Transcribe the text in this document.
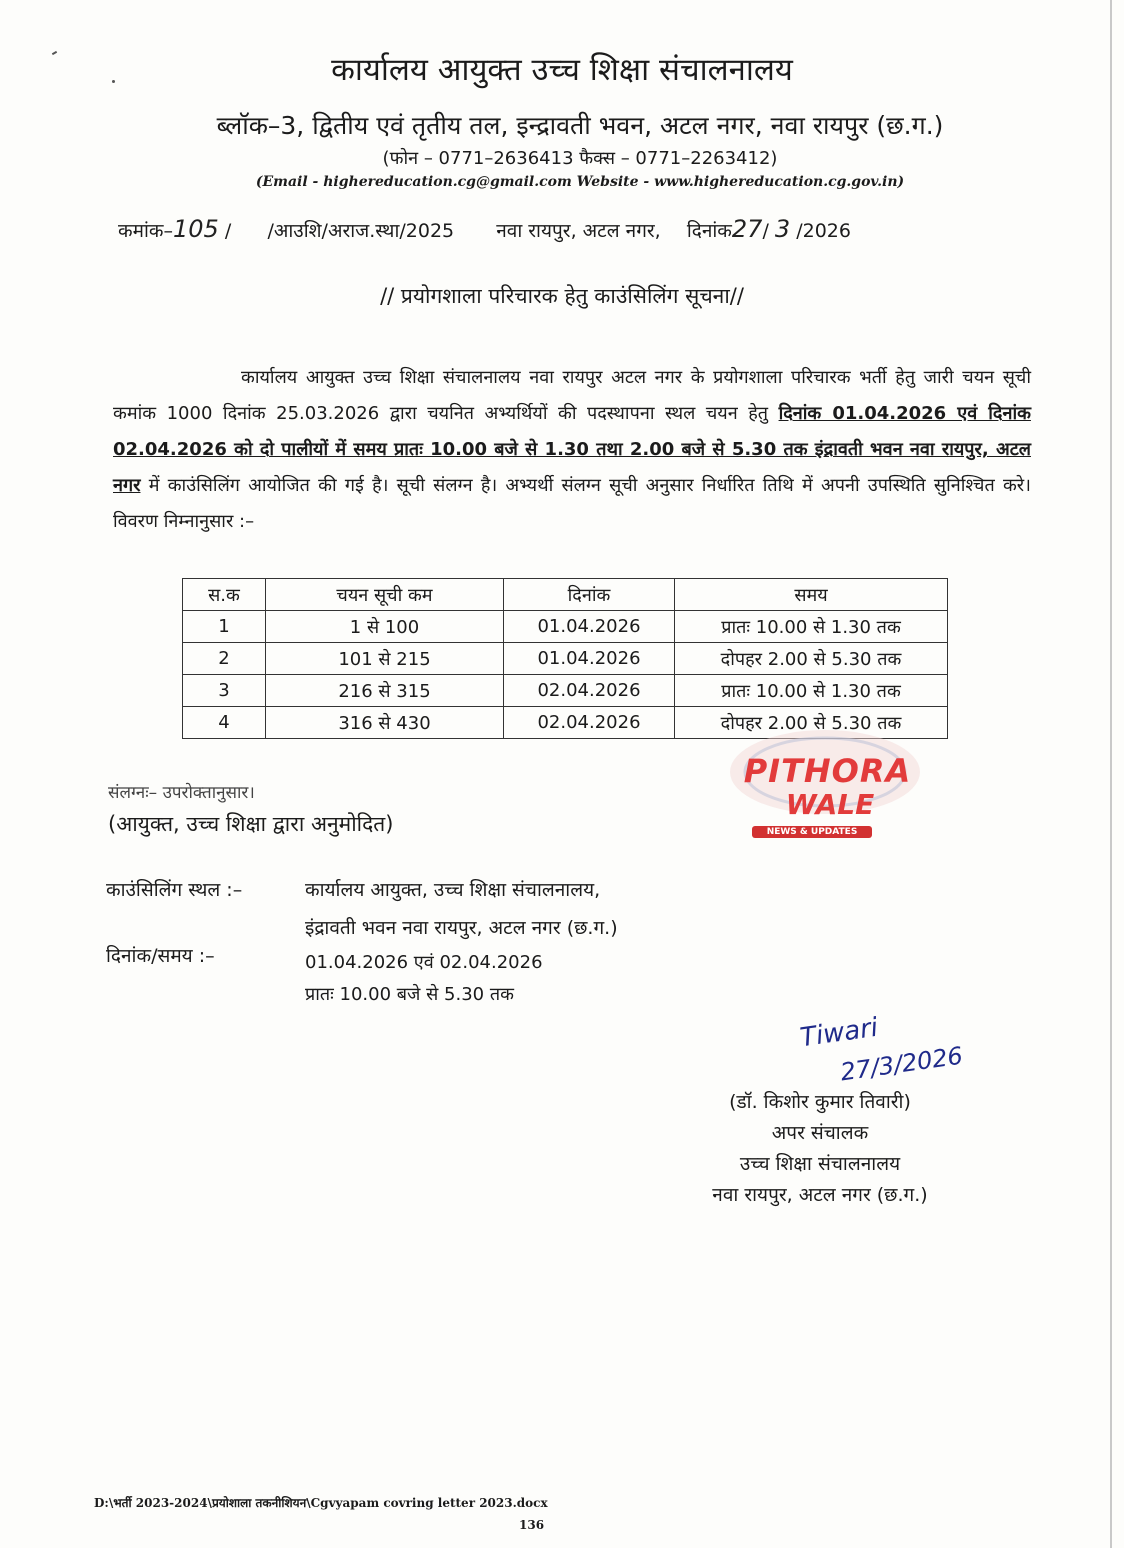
कार्यालय आयुक्त उच्च शिक्षा संचालनालय
ब्लॉक–3, द्वितीय एवं तृतीय तल, इन्द्रावती भवन, अटल नगर, नवा रायपुर (छ.ग.)
(फोन – 0771–2636413 फैक्स – 0771–2263412)
(Email - highereducation.cg@gmail.com Website - www.highereducation.cg.gov.in)
कमांक–105 /      /आउशि/अराज.स्था/2025 नवा रायपुर, अटल नगर, दिनांक27/ 3 /2026
// प्रयोगशाला परिचारक हेतु काउंसिलिंग सूचना//
कार्यालय आयुक्त उच्च शिक्षा संचालनालय नवा रायपुर अटल नगर के प्रयोगशाला परिचारक भर्ती हेतु जारी चयन सूची कमांक 1000 दिनांक 25.03.2026 द्वारा चयनित अभ्यर्थियों की पदस्थापना स्थल चयन हेतु दिनांक 01.04.2026 एवं दिनांक 02.04.2026 को दो पालीयों में समय प्रातः 10.00 बजे से 1.30 तथा 2.00 बजे से 5.30 तक इंद्रावती भवन नवा रायपुर, अटल नगर में काउंसिलिंग आयोजित की गई है। सूची संलग्न है। अभ्यर्थी संलग्न सूची अनुसार निर्धारित तिथि में अपनी उपस्थिति सुनिश्चित करे। विवरण निम्नानुसार :–
स.क	चयन सूची कम	दिनांक	समय
1	1 से 100	01.04.2026	प्रातः 10.00 से 1.30 तक
2	101 से 215	01.04.2026	दोपहर 2.00 से 5.30 तक
3	216 से 315	02.04.2026	प्रातः 10.00 से 1.30 तक
4	316 से 430	02.04.2026	दोपहर 2.00 से 5.30 तक
PITHORA
WALE
NEWS & UPDATES
संलग्नः– उपरोक्तानुसार।
(आयुक्त, उच्च शिक्षा द्वारा अनुमोदित)
काउंसिलिंग स्थल :–	कार्यालय आयुक्त, उच्च शिक्षा संचालनालय,
इंद्रावती भवन नवा रायपुर, अटल नगर (छ.ग.)
दिनांक/समय :–	01.04.2026 एवं 02.04.2026
प्रातः 10.00 बजे से 5.30 तक
Tiwari
27/3/2026
(डॉ. किशोर कुमार तिवारी)
अपर संचालक
उच्च शिक्षा संचालनालय
नवा रायपुर, अटल नगर (छ.ग.)
D:\भर्ती 2023-2024\प्रयोशाला तकनीशियन\Cgvyapam covring letter 2023.docx
136
